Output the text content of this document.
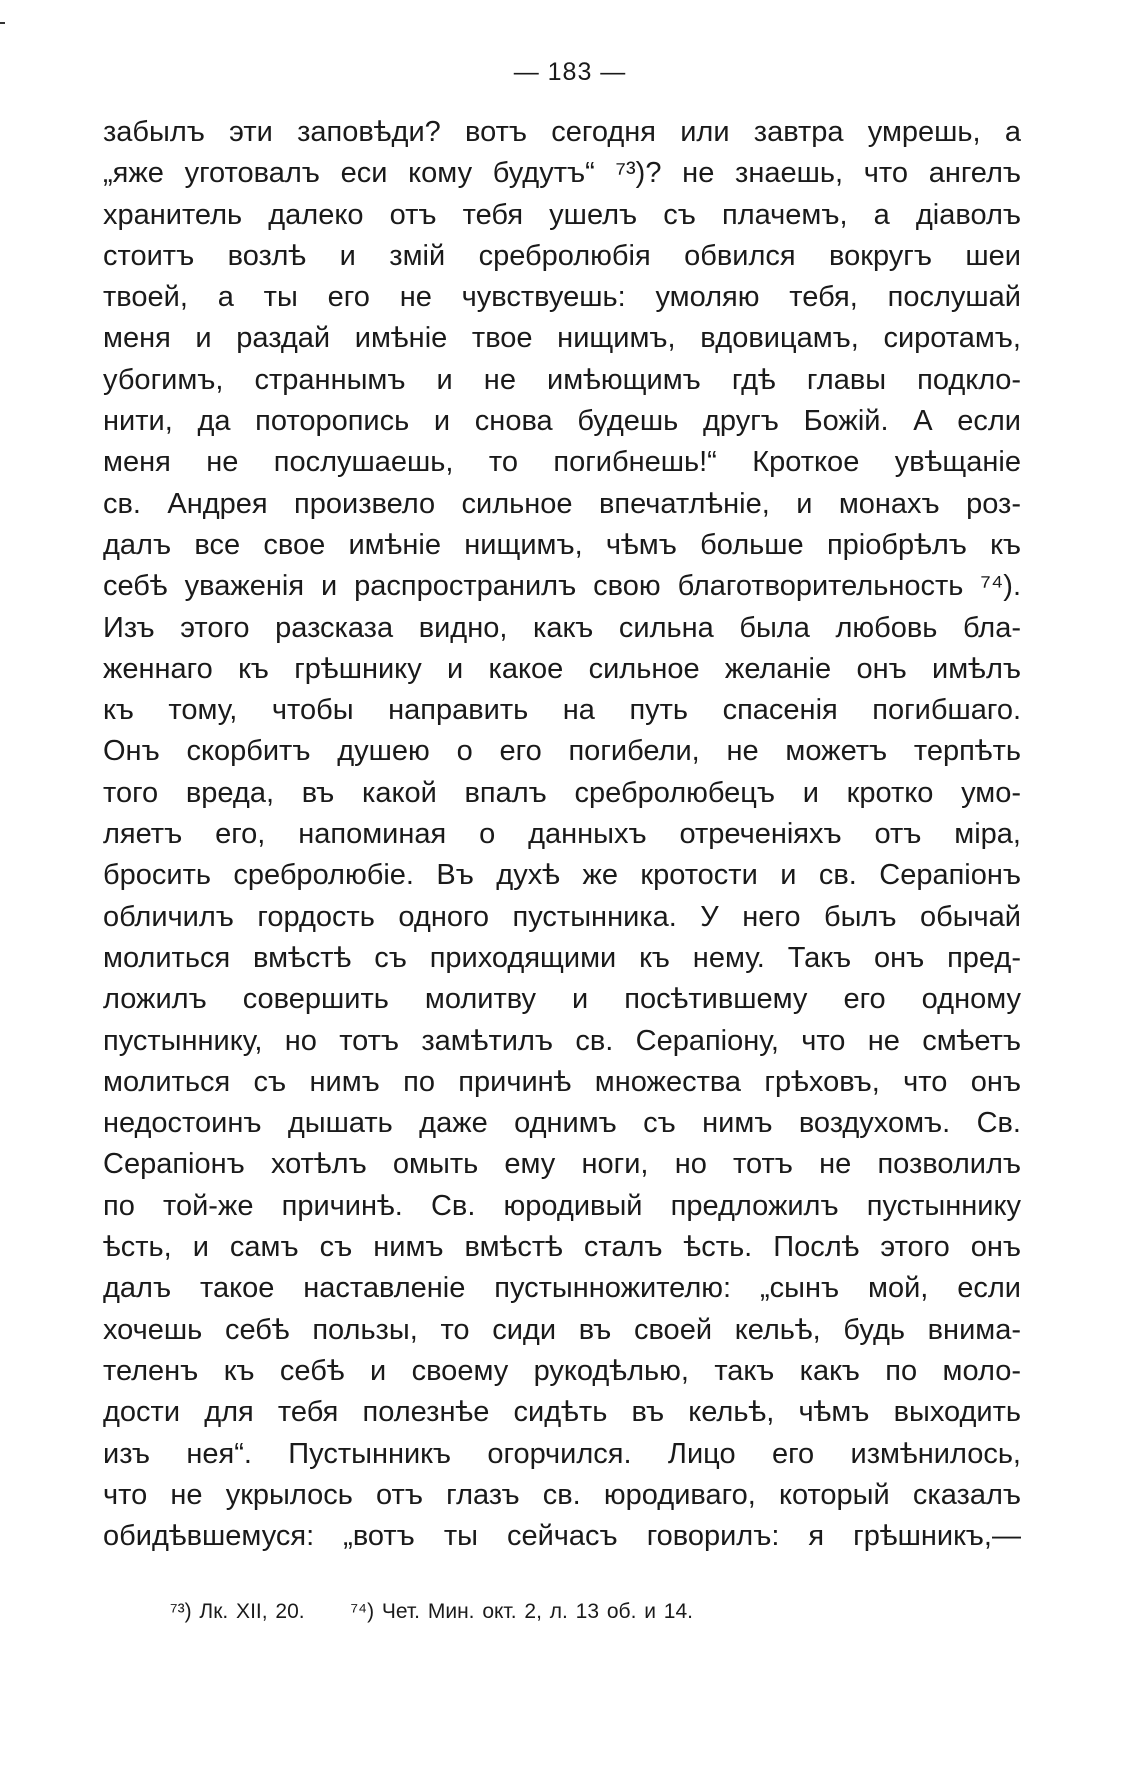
— 183 —
забылъ эти заповѣди? вотъ сегодня или завтра умрешь, а
„яже уготовалъ еси кому будутъ“ ⁷³)? не знаешь, что ангелъ
хранитель далеко отъ тебя ушелъ съ плачемъ, а діаволъ
стоитъ возлѣ и змій сребролюбія обвился вокругъ шеи
твоей, а ты его не чувствуешь: умоляю тебя, послушай
меня и раздай имѣніе твое нищимъ, вдовицамъ, сиротамъ,
убогимъ, страннымъ и не имѣющимъ гдѣ главы подклo-
нити, да поторопись и снова будешь другъ Божій. А если
меня не послушаешь, то погибнешь!“ Кроткое увѣщаніе
св. Андрея произвело сильное впечатлѣніе, и монахъ роз-
далъ все свое имѣніе нищимъ, чѣмъ больше пріобрѣлъ къ
себѣ уваженія и распространилъ свою благотворительность ⁷⁴).
Изъ этого разсказа видно, какъ сильна была любовь бла-
женнаго къ грѣшнику и какое сильное желаніе онъ имѣлъ
къ тому, чтобы направить на путь спасенія погибшаго.
Онъ скорбитъ душею о его погибели, не можетъ терпѣть
того вреда, въ какой впалъ сребролюбецъ и кротко умо-
ляетъ его, напоминая о данныхъ отреченіяхъ отъ міра,
бросить сребролюбіе. Въ духѣ же кротости и св. Серапіонъ
обличилъ гордость одного пустынника. У него былъ обычай
молиться вмѣстѣ съ приходящими къ нему. Такъ онъ пред-
ложилъ совершить молитву и посѣтившему его одному
пустыннику, но тотъ замѣтилъ св. Серапіону, что не смѣетъ
молиться съ нимъ по причинѣ множества грѣховъ, что онъ
недостоинъ дышать даже однимъ съ нимъ воздухомъ. Св.
Серапіонъ хотѣлъ омыть ему ноги, но тотъ не позволилъ
по той-же причинѣ. Св. юродивый предложилъ пустыннику
ѣсть, и самъ съ нимъ вмѣстѣ сталъ ѣсть. Послѣ этого онъ
далъ такое наставленіе пустынножителю: „сынъ мой, если
хочешь себѣ пользы, то сиди въ своей кельѣ, будь внима-
теленъ къ себѣ и своему рукодѣлью, такъ какъ по моло-
дости для тебя полезнѣе сидѣть въ кельѣ, чѣмъ выходить
изъ нея“. Пустынникъ огорчился. Лицо его измѣнилось,
что не укрылось отъ глазъ св. юродиваго, который сказалъ
обидѣвшемуся: „вотъ ты сейчасъ говорилъ: я грѣшникъ,—
⁷³) Лк. XII, 20. ⁷⁴) Чет. Мин. окт. 2, л. 13 об. и 14.
